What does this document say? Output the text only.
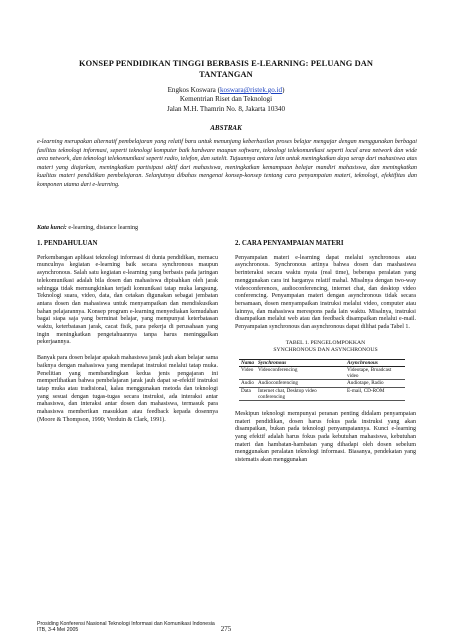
KONSEP PENDIDIKAN TINGGI BERBASIS E-LEARNING: PELUANG DAN TANTANGAN
Engkos Koswara (koswara@ristek.go.id)
Kementrian Riset dan Teknologi
Jalan M.H. Thamrin No. 8, Jakarta 10340
ABSTRAK
e-learning merupakan alternatif pembelajaran yang relatif baru untuk menunjang keberhasilan proses belajar mengajar dengan menggunakan berbagai fasilitas teknologi informasi, seperti teknologi komputer baik hardware maupun software, teknologi telekomunikasi seperti local area network dan wide area network, dan teknologi telekomunikasi seperti radio, telefon, dan satelit. Tujuannya antara lain untuk meningkatkan daya serap dari mahasiswa atas materi yang diajarkan, meningkatkan partisipasi aktif dari mahasiswa, meningkatkan kemampuan belajar mandiri mahasiswa, dan meningkatkan kualitas materi pendidikan pembelajaran. Selanjutnya dibahas mengenai konsep-konsep tentang cara penyampaian materi, teknologi, efektifitas dan komponen utama dari e-learning.
Kata kunci: e-learning, distance learning
1. PENDAHULUAN

Perkembangan aplikasi teknologi informasi di dunia pendidikan, memacu munculnya kegiatan e-learning baik secara synchronous maupun asynchronous. Salah satu kegiatan e-learning yang berbasis pada jaringan telekomunikasi adalah bila dosen dan mahasiswa dipisahkan oleh jarak sehingga tidak memungkinkan terjadi komunikasi tatap muka langsung. Teknologi suara, video, data, dan cetakan digunakan sebagai jembatan antara dosen dan mahasiswa untuk menyampaikan dan mendiskusikan bahan pelajarannya. Konsep program e-learning menyediakan kemudahan bagai siapa saja yang berminat belajar, yang mempunyai keterbatasan waktu, keterbatasan jarak, cacat fisik, para pekerja di perusahaan yang ingin meningkatkan pengetahuannya tanpa harus meninggalkan pekerjaannya.

Banyak para dosen belajar apakah mahasiswa jarak jauh akan belajar sama baiknya dengan mahasiswa yang mendapat instruksi melalui tatap muka. Penelitian yang membandingkan kedua jenis pengajaran ini memperlihatkan bahwa pembelajaran jarak jauh dapat se-efektif instruksi tatap muka atau tradisional, kalau menggunakan metoda dan teknologi yang sesuai dengan tugas-tugas secara instruksi, ada interaksi antar mahasiswa, dan interaksi antar dosen dan mahasiswa, termasuk para mahasiswa memberikan masukkan atau feedback kepada dosennya (Moore & Thompson, 1990; Verduin & Clark, 1991).

2. CARA PENYAMPAIAN MATERI

Penyampaian materi e-learning dapat melalui synchronous atau asynchronous. Synchronous artinya bahwa dosen dan mashasiswa berinteraksi secara waktu nyata (real time), beberapa peralatan yang menggunakan cara ini harganya relatif mahal. Misalnya dengan two-way videoconferences, audioconferencing, internet chat, dan desktop video conferencing. Penyampaian materi dengan asynchronous tidak secara bersamaan, dosen menyampaikan instruksi melalui video, computer atau lainnya, dan mahasiswa merespons pada lain waktu. Misalnya, instruksi disampaikan melalui web atau dan feedback disampaikan melalui e-mail. Penyampaian synchronous dan asynchronous dapat dilihat pada Tabel 1.

TABEL 1. PENGELOMPOKKAN
SYNCHRONOUS DAN ASYNCHRONOUS
Nama	Synchronous	Asynchronous
Video	Videoconferencing	Videotape, Broadcast video
Audio	Audioconferencing	Audiotape, Radio
Data	Internet chat, Desktop video conferencing	E-mail, CD-ROM

Meskipun teknologi mempunyai peranan penting didalam penyampaian materi pendidikan, dosen harus fokus pada instruksi yang akan disampaikan, bukan pada teknologi penyampaiannya. Kunci e-learning yang efektif adalah harus fokus pada kebutuhan mahasiswa, kebutuhan materi dan hambatan-hambatan yang dihadapi oleh dosen sebelum menggunakan peralatan teknologi informasi. Biasanya, pendekatan yang sistematis akan menggunakan

Prosiding Konferensi Nasional Teknologi Informasi dan Komunikasi Indonesia
ITB, 3-4 Mei 2005	275
